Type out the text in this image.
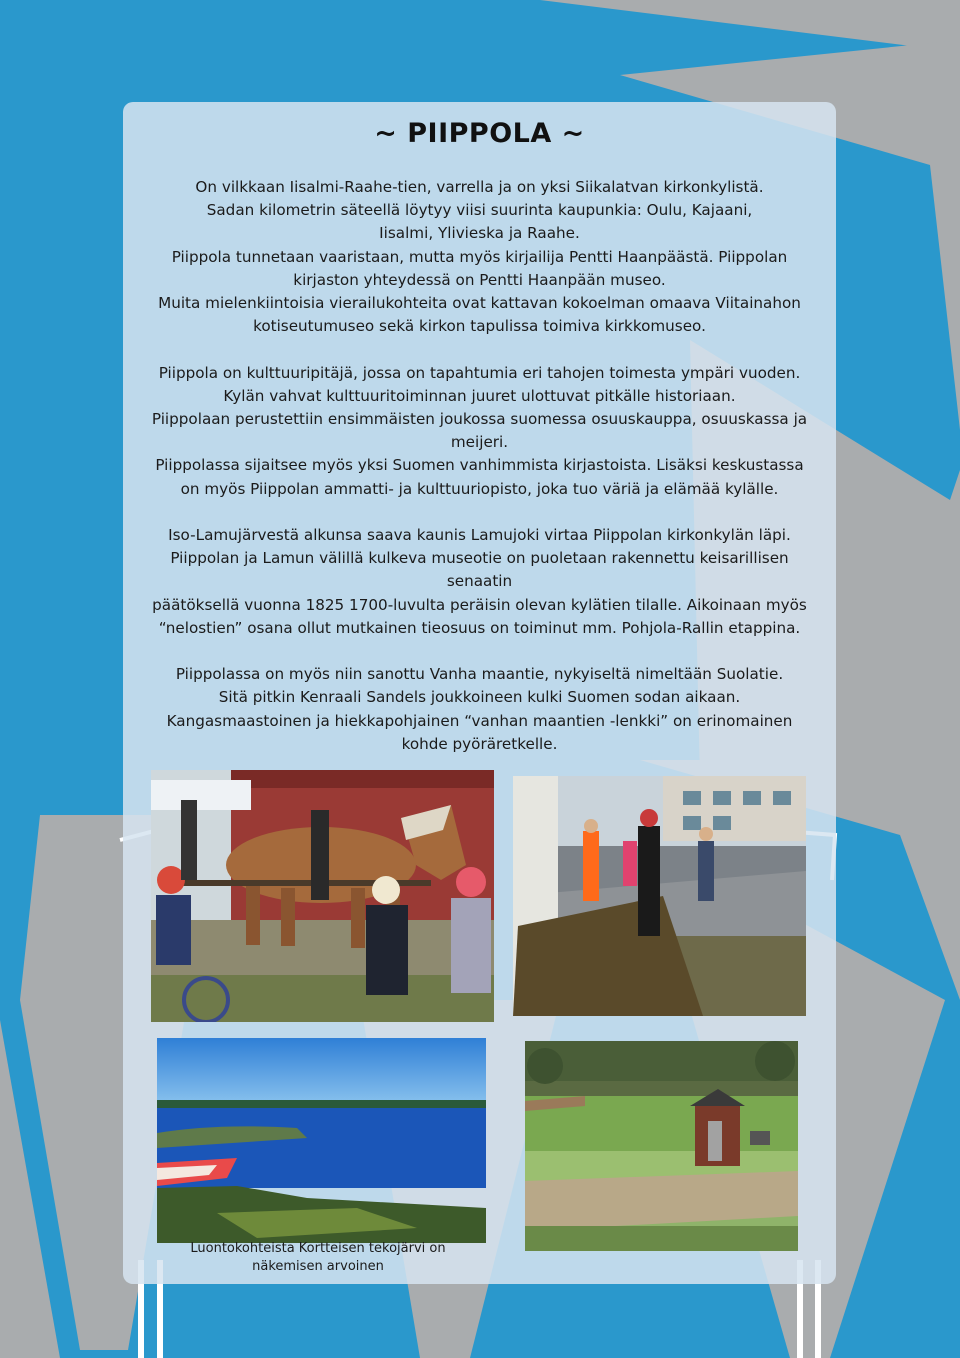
~ PIIPPOLA ~
On vilkkaan Iisalmi-Raahe-tien, varrella ja on yksi Siikalatvan kirkonkylistä.
Sadan kilometrin säteellä löytyy viisi suurinta kaupunkia: Oulu, Kajaani,
Iisalmi, Ylivieska ja Raahe.
Piippola tunnetaan vaaristaan, mutta myös kirjailija Pentti Haanpäästä. Piippolan
kirjaston yhteydessä on Pentti Haanpään museo.
Muita mielenkiintoisia vierailukohteita ovat kattavan kokoelman omaava Viitainahon
kotiseutumuseo sekä kirkon tapulissa toimiva kirkkomuseo.
Piippola on kulttuuripitäjä, jossa on tapahtumia eri tahojen toimesta ympäri vuoden.
Kylän vahvat kulttuuritoiminnan juuret ulottuvat pitkälle historiaan.
Piippolaan perustettiin ensimmäisten joukossa suomessa osuuskauppa, osuuskassa ja
meijeri.
Piippolassa sijaitsee myös yksi Suomen vanhimmista kirjastoista. Lisäksi keskustassa
on myös Piippolan ammatti- ja kulttuuriopisto, joka tuo väriä ja elämää kylälle.
Iso-Lamujärvestä alkunsa saava kaunis Lamujoki virtaa Piippolan kirkonkylän läpi.
Piippolan ja Lamun välillä kulkeva museotie on puoletaan rakennettu keisarillisen
senaatin
päätöksellä vuonna 1825 1700-luvulta peräisin olevan kylätien tilalle. Aikoinaan myös
“nelostien” osana ollut mutkainen tieosuus on toiminut mm. Pohjola-Rallin etappina.
Piippolassa on myös niin sanottu Vanha maantie, nykyiseltä nimeltään Suolatie.
Sitä pitkin Kenraali Sandels joukkoineen kulki Suomen sodan aikaan.
Kangasmaastoinen ja hiekkapohjainen “vanhan maantien -lenkki” on erinomainen
kohde pyöräretkelle.
Luontokohteista Kortteisen tekojärvi on
näkemisen arvoinen
